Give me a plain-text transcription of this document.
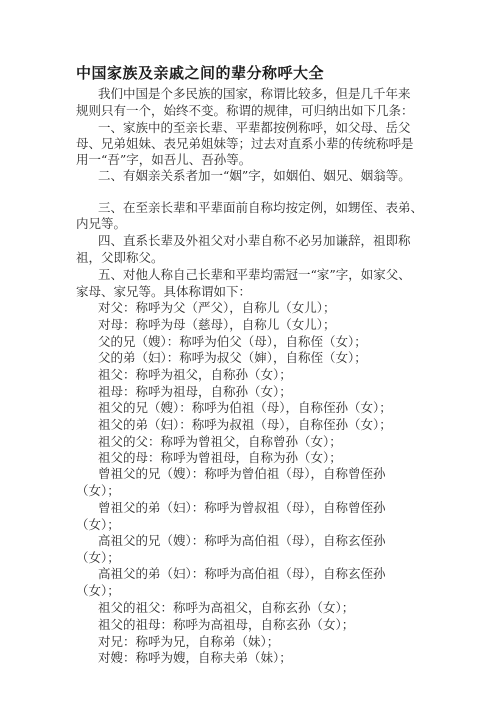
中国家族及亲戚之间的辈分称呼大全
我们中国是个多民族的国家，称谓比较多，但是几千年来
规则只有一个，始终不变。称谓的规律，可归纳出如下几条：
一、家族中的至亲长辈、平辈都按例称呼，如父母、岳父
母、兄弟姐妹、表兄弟姐妹等；过去对直系小辈的传统称呼是
用一“吾”字，如吾儿、吾孙等。
二、有姻亲关系者加一“姻”字，如姻伯、姻兄、姻翁等。
三、在至亲长辈和平辈面前自称均按定例，如甥侄、表弟、
内兄等。
四、直系长辈及外祖父对小辈自称不必另加谦辞，祖即称
祖，父即称父。
五、对他人称自己长辈和平辈均需冠一“家”字，如家父、
家母、家兄等。具体称谓如下：
对父：称呼为父（严父），自称儿（女儿）；
对母：称呼为母（慈母），自称儿（女儿）；
父的兄（嫂）：称呼为伯父（母），自称侄（女）；
父的弟（妇）：称呼为叔父（婶），自称侄（女）；
祖父：称呼为祖父，自称孙（女）；
祖母：称呼为祖母，自称孙（女）；
祖父的兄（嫂）：称呼为伯祖（母），自称侄孙（女）；
祖父的弟（妇）：称呼为叔祖（母），自称侄孙（女）；
祖父的父：称呼为曾祖父，自称曾孙（女）；
祖父的母：称呼为曾祖母，自称为孙（女）；
曾祖父的兄（嫂）：称呼为曾伯祖（母），自称曾侄孙
（女）；
曾祖父的弟（妇）：称呼为曾叔祖（母），自称曾侄孙
（女）；
高祖父的兄（嫂）：称呼为高伯祖（母），自称玄侄孙
（女）；
高祖父的弟（妇）：称呼为高伯祖（母），自称玄侄孙
（女）；
祖父的祖父：称呼为高祖父，自称玄孙（女）；
祖父的祖母：称呼为高祖母，自称玄孙（女）；
对兄：称呼为兄，自称弟（妹）；
对嫂：称呼为嫂，自称夫弟（妹）；
